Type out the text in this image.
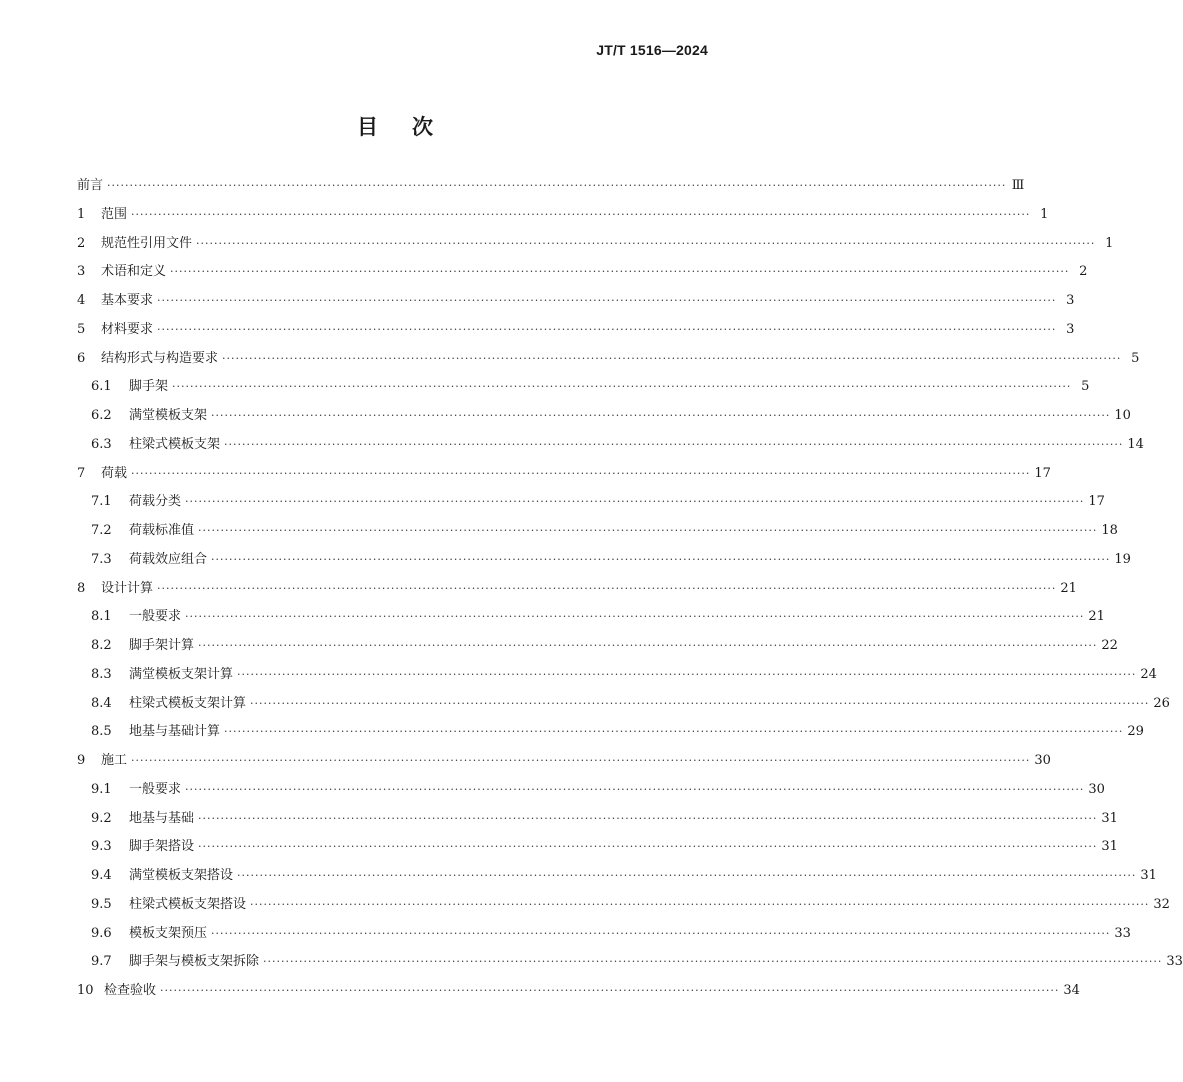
JT/T 1516—2024
目次
前言 ········································································································································································································ Ⅲ
1	范围 ········································································································································································································ 1
2	规范性引用文件 ········································································································································································································ 1
3	术语和定义 ········································································································································································································ 2
4	基本要求 ········································································································································································································ 3
5	材料要求 ········································································································································································································ 3
6	结构形式与构造要求 ········································································································································································································ 5
6.1	脚手架 ········································································································································································································ 5
6.2	满堂模板支架 ········································································································································································································ 10
6.3	柱梁式模板支架 ········································································································································································································ 14
7	荷载 ········································································································································································································ 17
7.1	荷载分类 ········································································································································································································ 17
7.2	荷载标准值 ········································································································································································································ 18
7.3	荷载效应组合 ········································································································································································································ 19
8	设计计算 ········································································································································································································ 21
8.1	一般要求 ········································································································································································································ 21
8.2	脚手架计算 ········································································································································································································ 22
8.3	满堂模板支架计算 ········································································································································································································ 24
8.4	柱梁式模板支架计算 ········································································································································································································ 26
8.5	地基与基础计算 ········································································································································································································ 29
9	施工 ········································································································································································································ 30
9.1	一般要求 ········································································································································································································ 30
9.2	地基与基础 ········································································································································································································ 31
9.3	脚手架搭设 ········································································································································································································ 31
9.4	满堂模板支架搭设 ········································································································································································································ 31
9.5	柱梁式模板支架搭设 ········································································································································································································ 32
9.6	模板支架预压 ········································································································································································································ 33
9.7	脚手架与模板支架拆除 ········································································································································································································ 33
10 检查验收 ········································································································································································································ 34
